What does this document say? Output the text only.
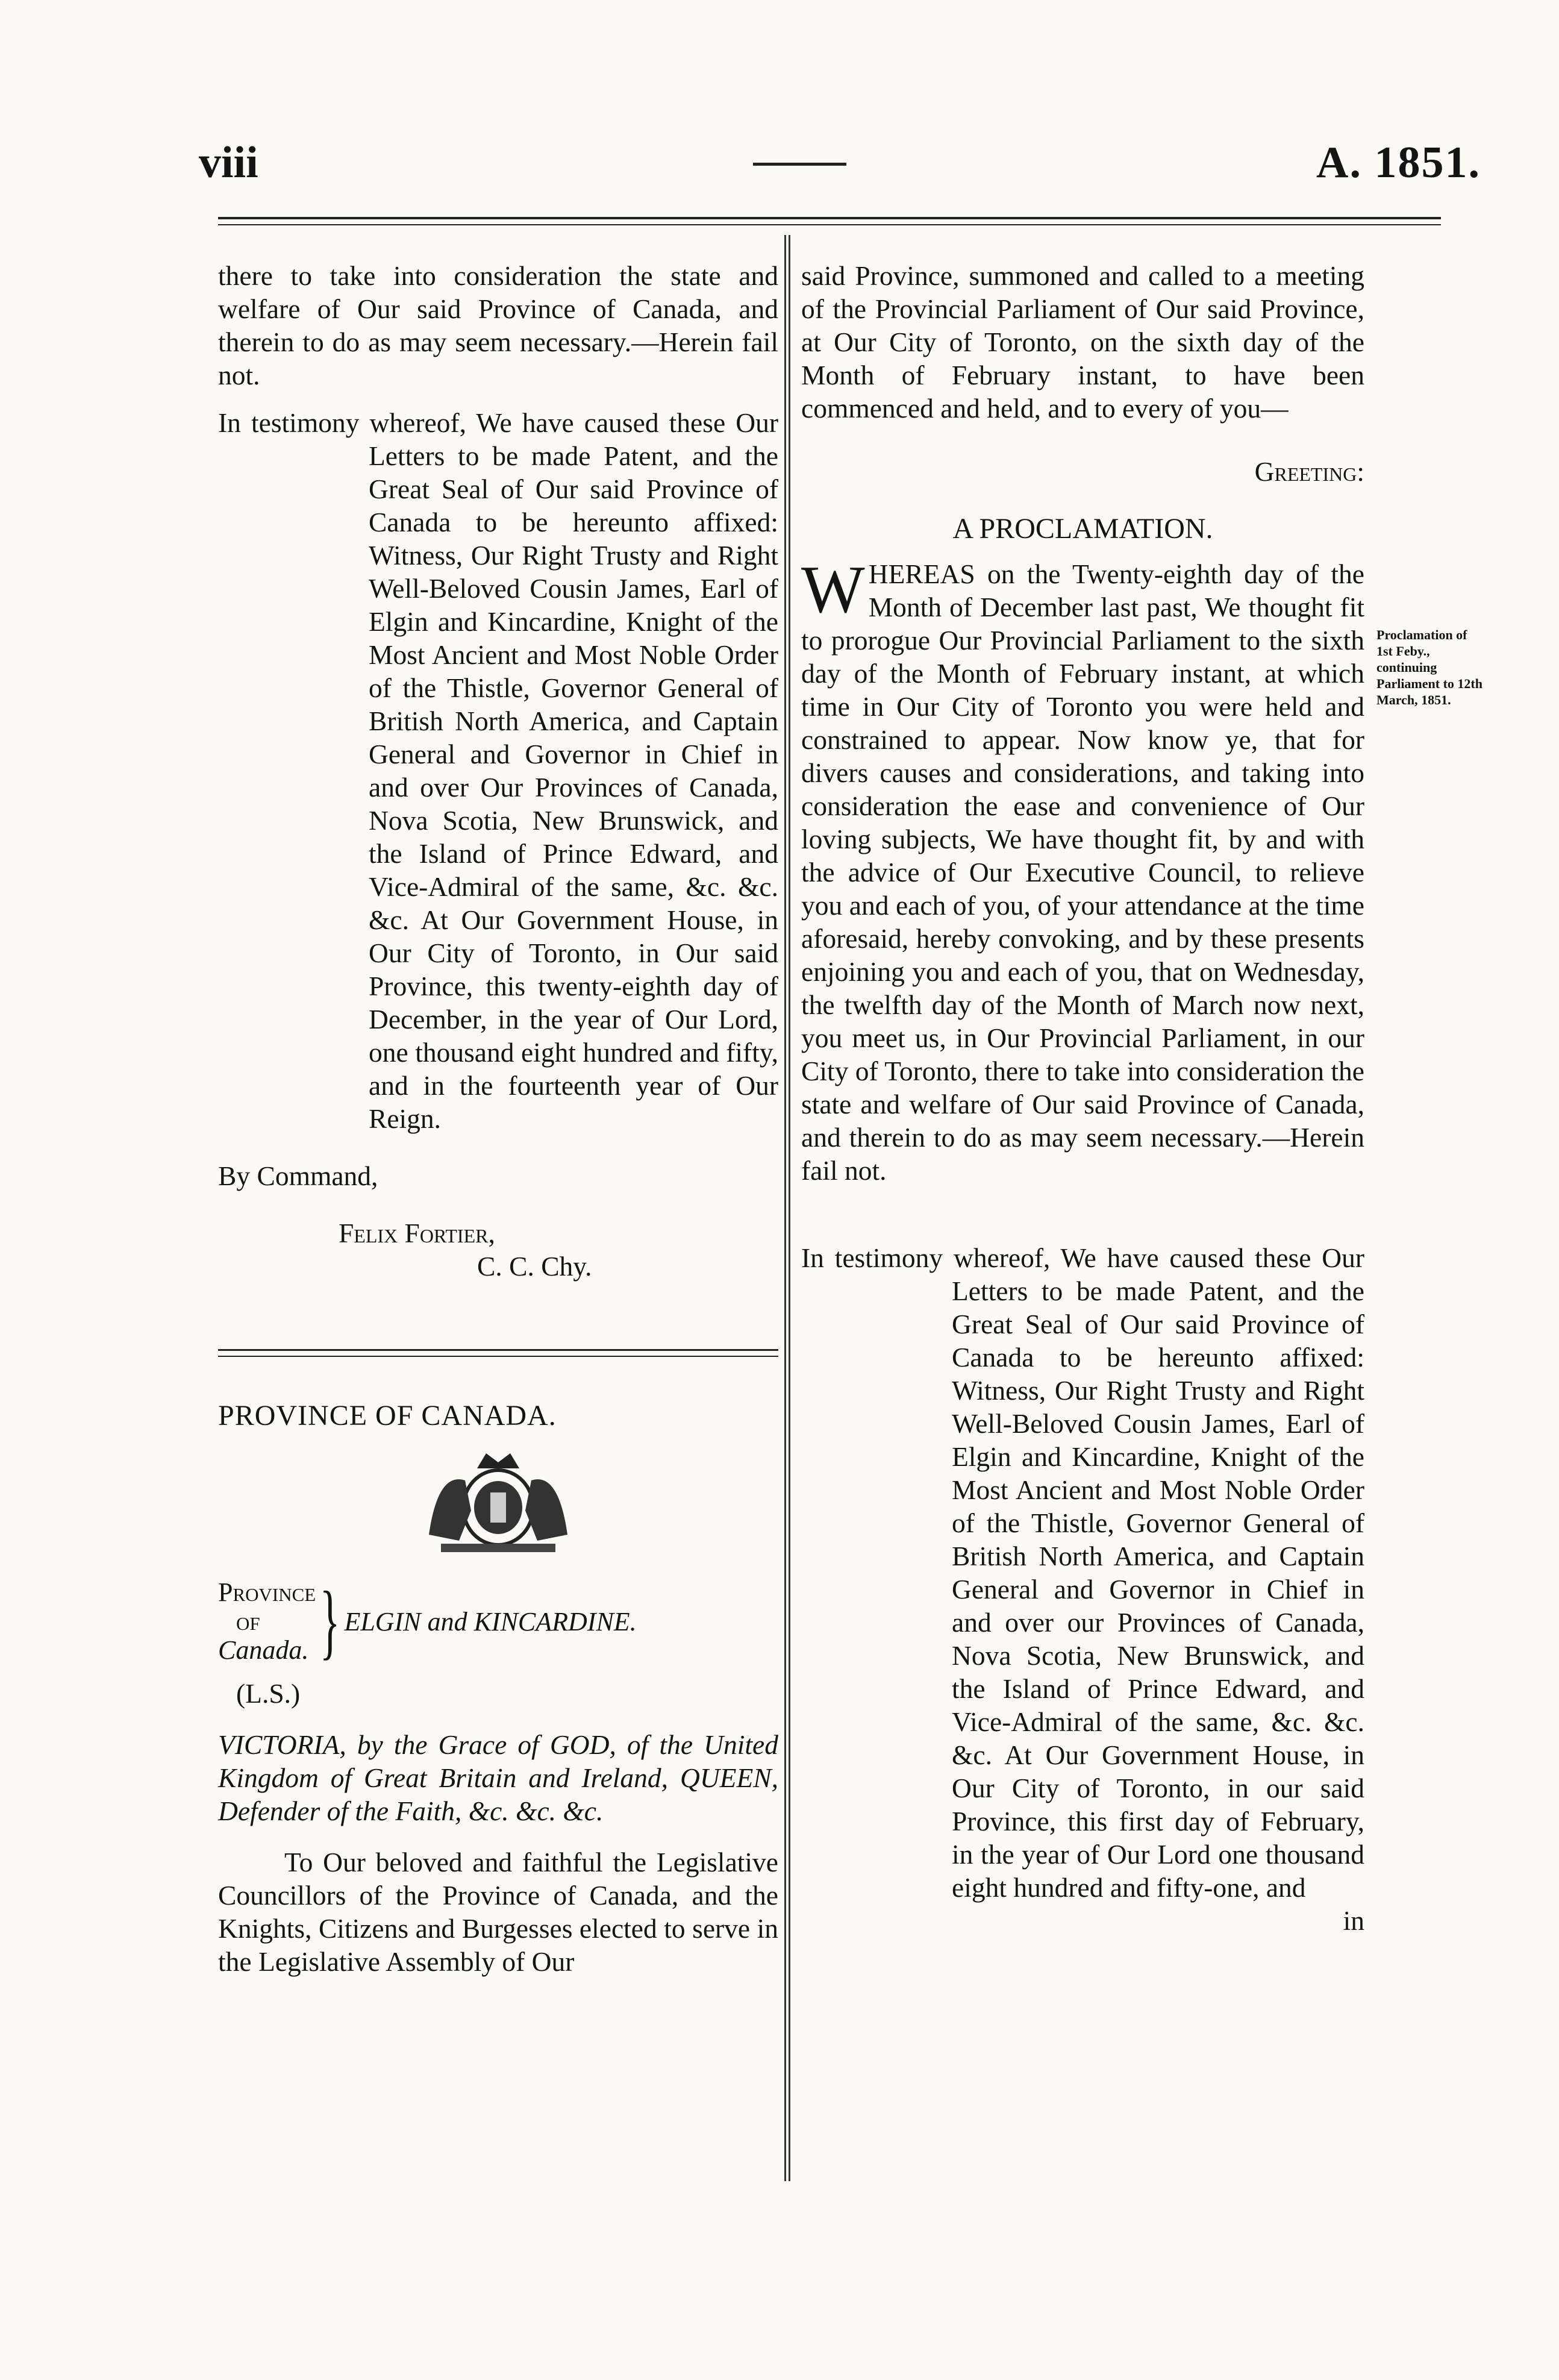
viii	A. 1851.

there to take into consideration the state and welfare of Our said Province of Canada, and therein to do as may seem necessary.—Herein fail not.

In testimony whereof, We have caused these Our Letters to be made Patent, and the Great Seal of Our said Province of Canada to be hereunto affixed: Witness, Our Right Trusty and Right Well-Beloved Cousin James, Earl of Elgin and Kincardine, Knight of the Most Ancient and Most Noble Order of the Thistle, Governor General of British North America, and Captain General and Governor in Chief in and over Our Provinces of Canada, Nova Scotia, New Brunswick, and the Island of Prince Edward, and Vice-Admiral of the same, &c. &c. &c. At Our Government House, in Our City of Toronto, in Our said Province, this twenty-eighth day of December, in the year of Our Lord, one thousand eight hundred and fifty, and in the fourteenth year of Our Reign.

By Command,

Felix Fortier,

C. C. Chy.

PROVINCE OF CANADA.

Province
of
Canada. } ELGIN and KINCARDINE.

(L.S.)

VICTORIA, by the Grace of GOD, of the United Kingdom of Great Britain and Ireland, QUEEN, Defender of the Faith, &c. &c. &c.

To Our beloved and faithful the Legislative Councillors of the Province of Canada, and the Knights, Citizens and Burgesses elected to serve in the Legislative Assembly of Our

said Province, summoned and called to a meeting of the Provincial Parliament of Our said Province, at Our City of Toronto, on the sixth day of the Month of February instant, to have been commenced and held, and to every of you—

Greeting:

A PROCLAMATION.

WHEREAS on the Twenty-eighth day of the Month of December last past, We thought fit to prorogue Our Provincial Parliament to the sixth day of the Month of February instant, at which time in Our City of Toronto you were held and constrained to appear. Now know ye, that for divers causes and considerations, and taking into consideration the ease and convenience of Our loving subjects, We have thought fit, by and with the advice of Our Executive Council, to relieve you and each of you, of your attendance at the time aforesaid, hereby convoking, and by these presents enjoining you and each of you, that on Wednesday, the twelfth day of the Month of March now next, you meet us, in Our Provincial Parliament, in our City of Toronto, there to take into consideration the state and welfare of Our said Province of Canada, and therein to do as may seem necessary.—Herein fail not.

In testimony whereof, We have caused these Our Letters to be made Patent, and the Great Seal of Our said Province of Canada to be hereunto affixed: Witness, Our Right Trusty and Right Well-Beloved Cousin James, Earl of Elgin and Kincardine, Knight of the Most Ancient and Most Noble Order of the Thistle, Governor General of British North America, and Captain General and Governor in Chief in and over our Provinces of Canada, Nova Scotia, New Brunswick, and the Island of Prince Edward, and Vice-Admiral of the same, &c. &c. &c. At Our Government House, in Our City of Toronto, in our said Province, this first day of February, in the year of Our Lord one thousand eight hundred and fifty-one, and

in

Proclamation of 1st Feby., continuing Parliament to 12th March, 1851.
